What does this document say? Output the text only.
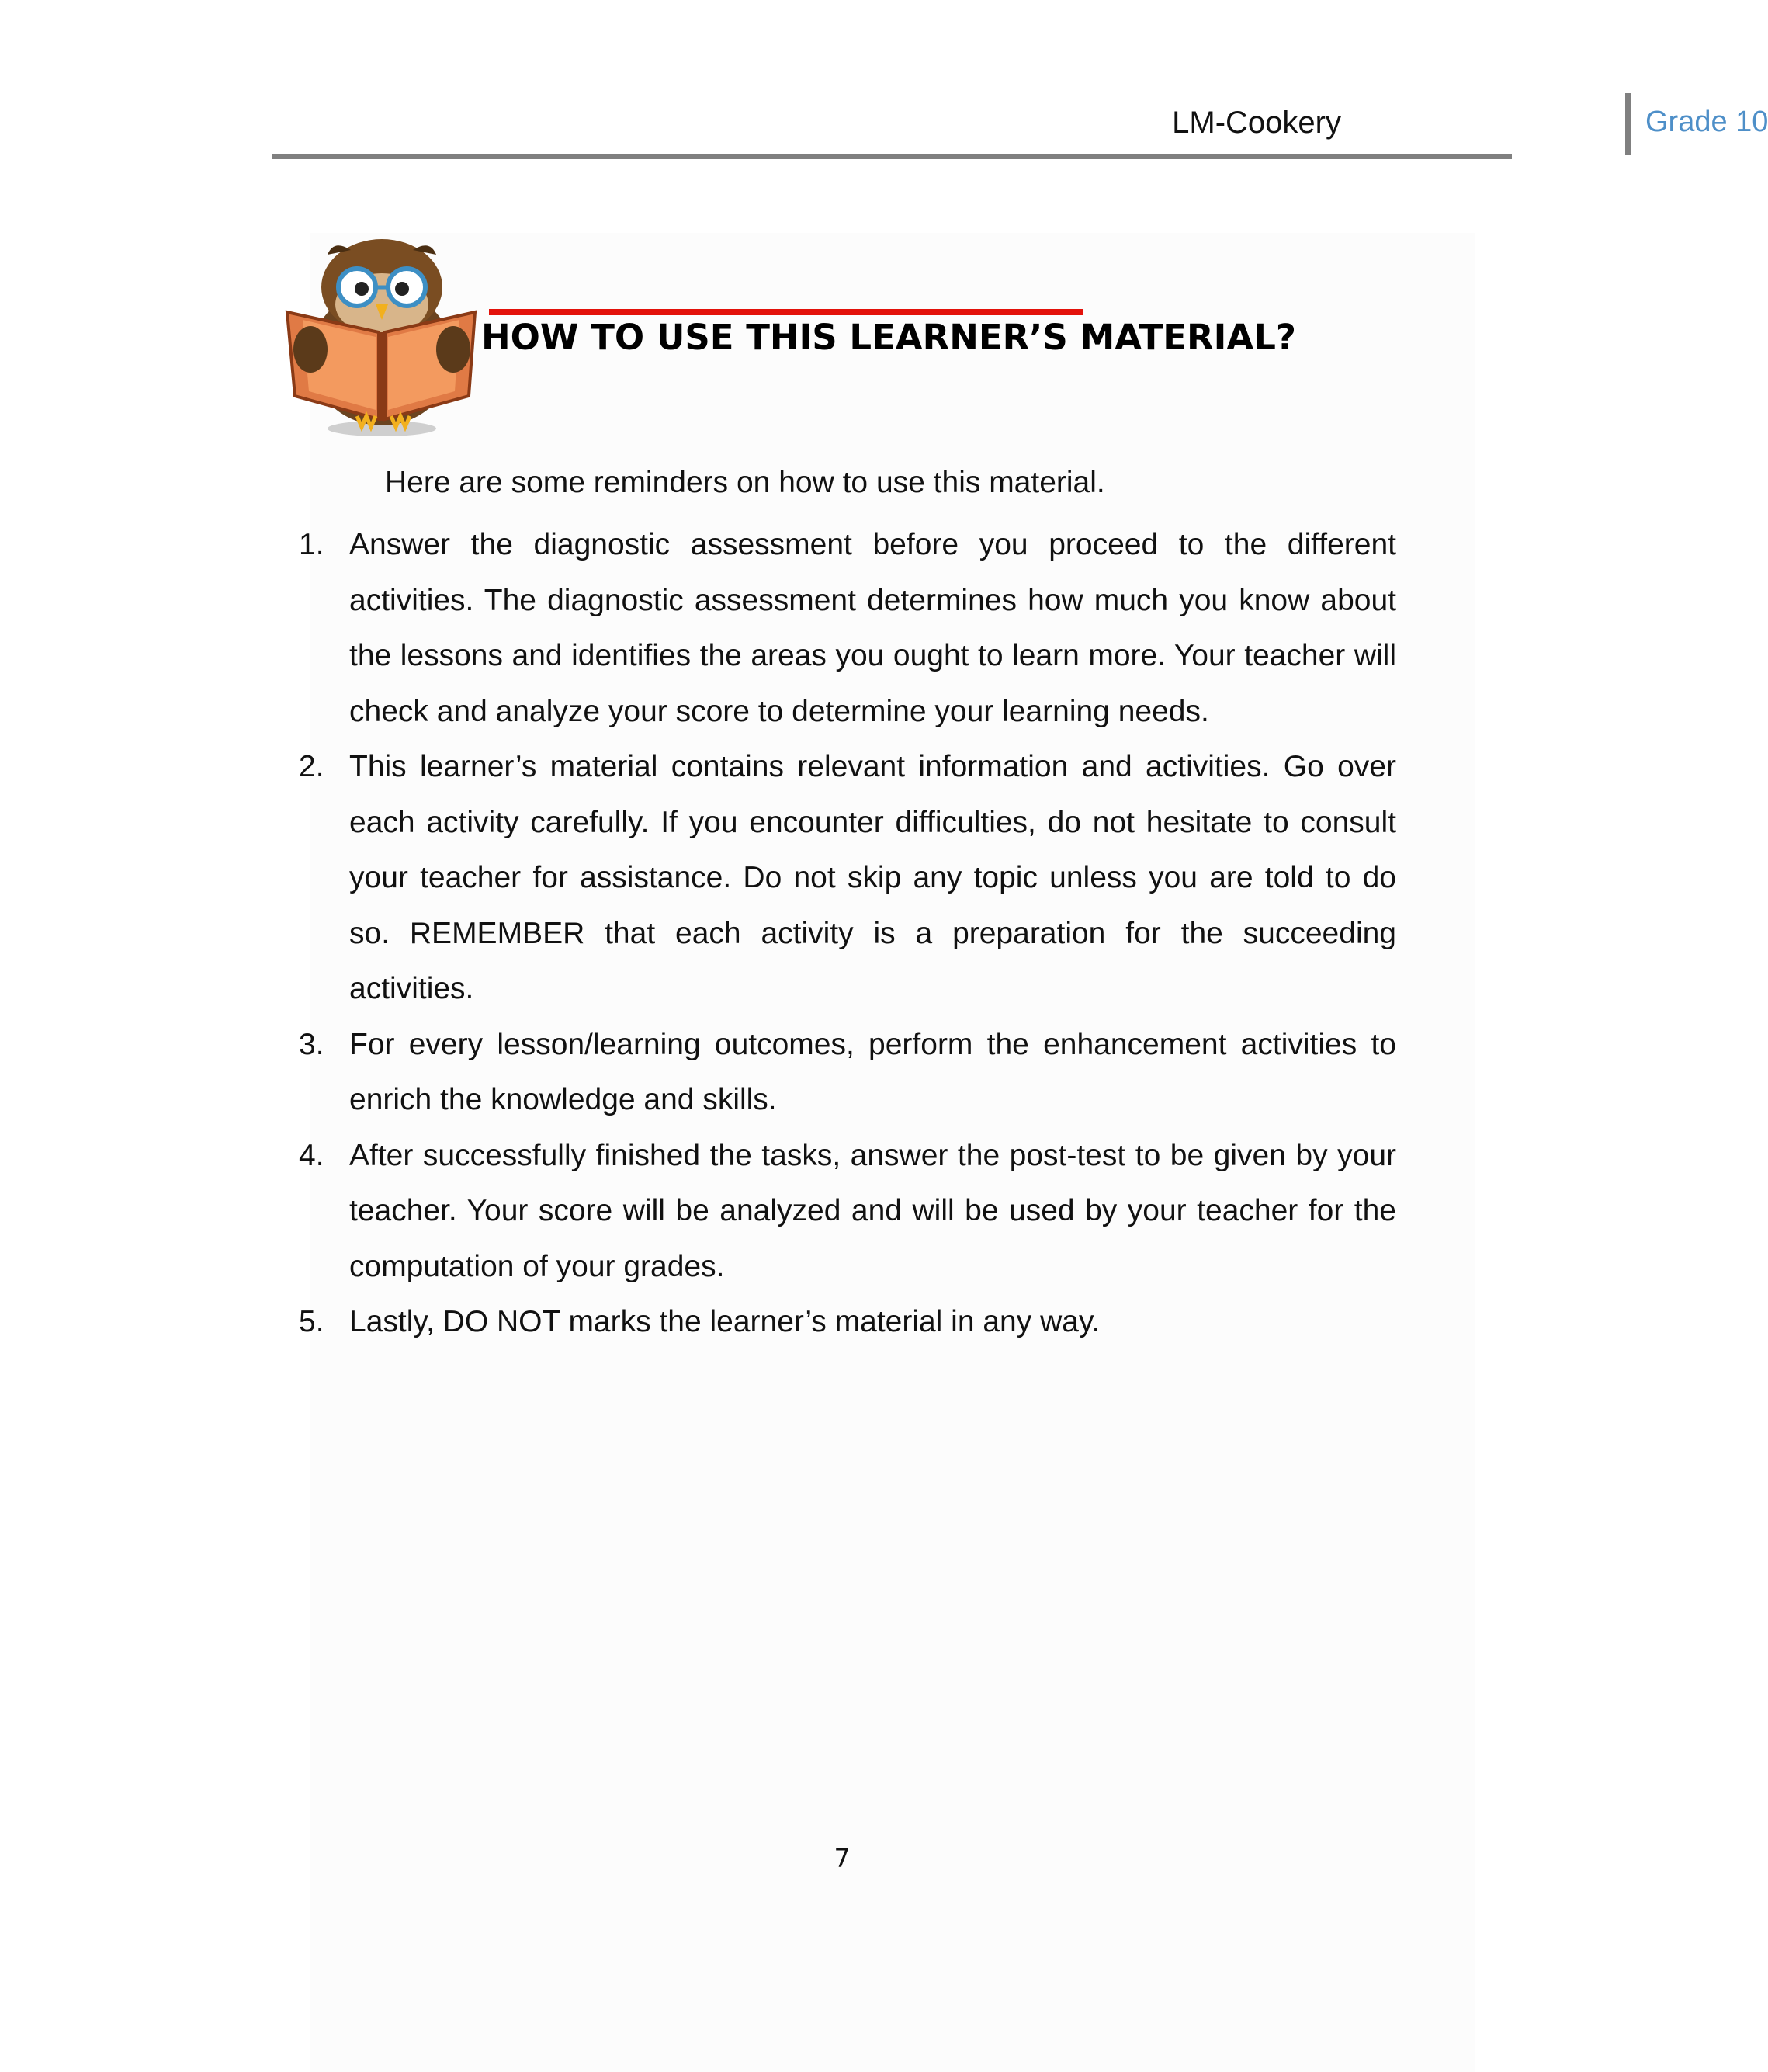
LM-Cookery	Grade 10
HOW TO USE THIS LEARNER’S MATERIAL?
Here are some reminders on how to use this material.
1. Answer the diagnostic assessment before you proceed to the different activities. The diagnostic assessment determines how much you know about the lessons and identifies the areas you ought to learn more. Your teacher will check and analyze your score to determine your learning needs.
2. This learner’s material contains relevant information and activities. Go over each activity carefully. If you encounter difficulties, do not hesitate to consult your teacher for assistance. Do not skip any topic unless you are told to do so. REMEMBER that each activity is a preparation for the succeeding activities.
3. For every lesson/learning outcomes, perform the enhancement activities to enrich the knowledge and skills.
4. After successfully finished the tasks, answer the post-test to be given by your teacher. Your score will be analyzed and will be used by your teacher for the computation of your grades.
5. Lastly, DO NOT marks the learner’s material in any way.
7
